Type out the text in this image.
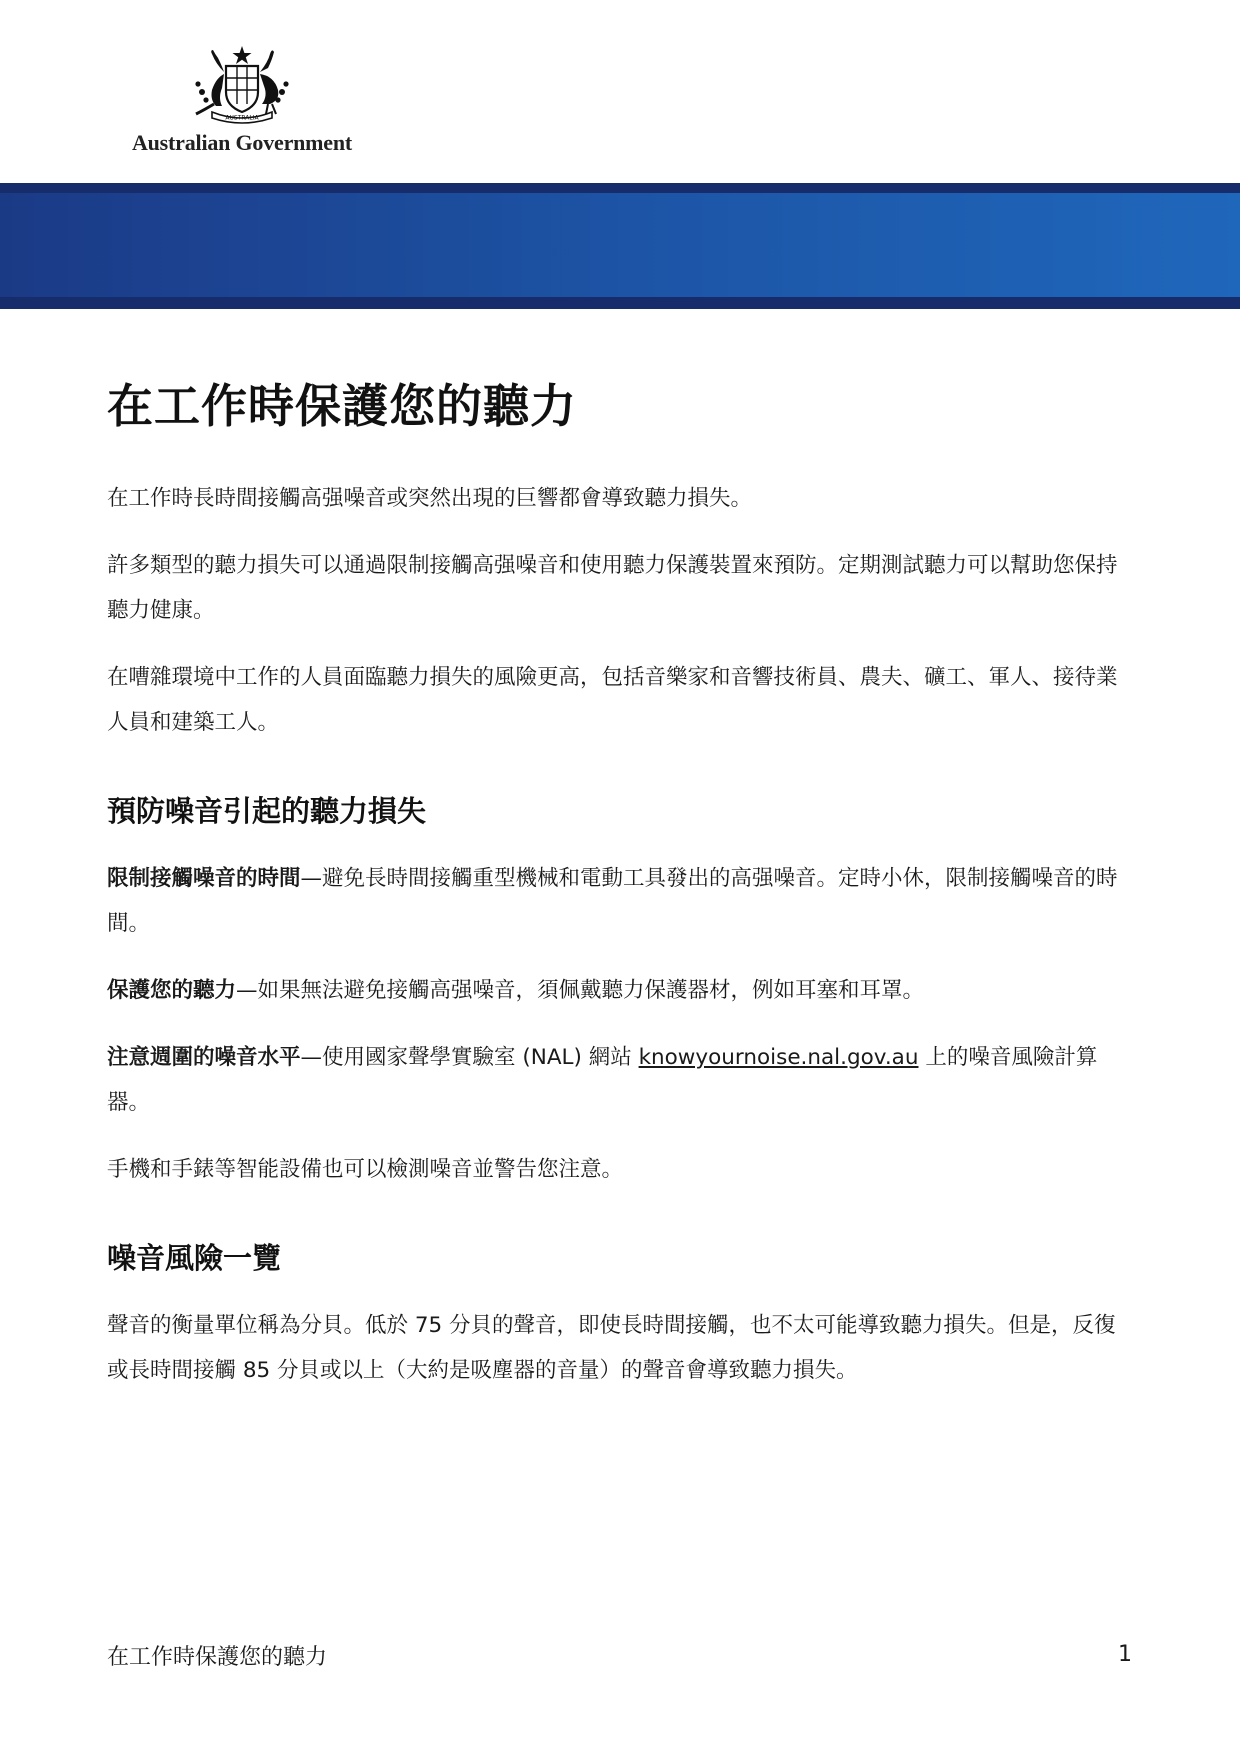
AUSTRALIA
Australian Government
在工作時保護您的聽力

在工作時長時間接觸高强噪音或突然出現的巨響都會導致聽力損失。

許多類型的聽力損失可以通過限制接觸高强噪音和使用聽力保護裝置來預防。定期測試聽力可以幫助您保持聽力健康。

在嘈雜環境中工作的人員面臨聽力損失的風險更高，包括音樂家和音響技術員、農夫、礦工、軍人、接待業人員和建築工人。

預防噪音引起的聽力損失

限制接觸噪音的時間—避免長時間接觸重型機械和電動工具發出的高强噪音。定時小休，限制接觸噪音的時間。

保護您的聽力—如果無法避免接觸高强噪音，須佩戴聽力保護器材，例如耳塞和耳罩。

注意週圍的噪音水平—使用國家聲學實驗室 (NAL) 網站 knowyournoise.nal.gov.au 上的噪音風險計算器。

手機和手錶等智能設備也可以檢測噪音並警告您注意。

噪音風險一覽

聲音的衡量單位稱為分貝。低於 75 分貝的聲音，即使長時間接觸，也不太可能導致聽力損失。但是，反復或長時間接觸 85 分貝或以上（大約是吸塵器的音量）的聲音會導致聽力損失。

在工作時保護您的聽力	1
